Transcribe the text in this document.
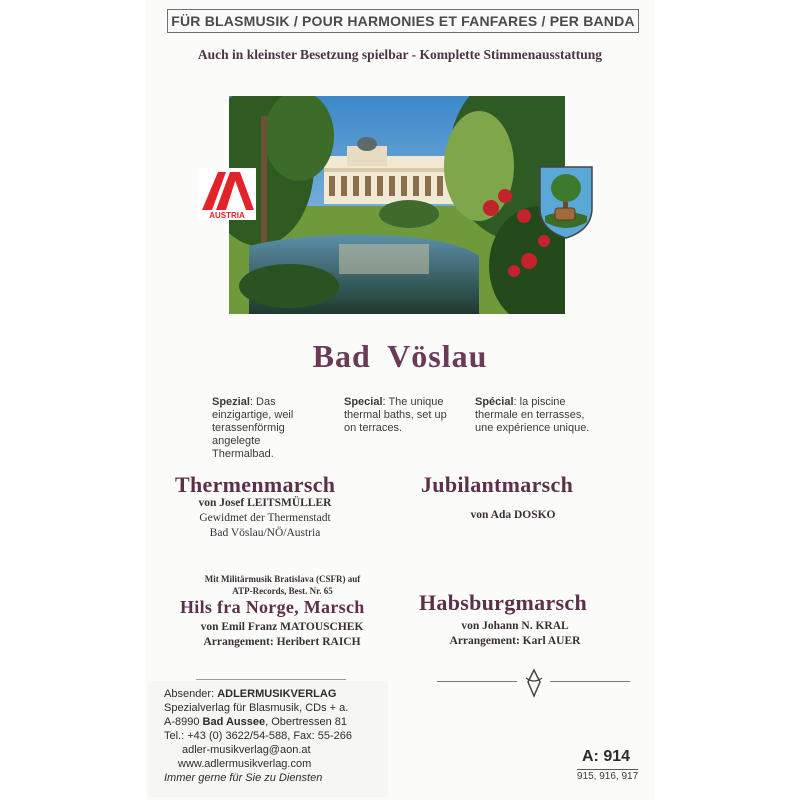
FÜR BLASMUSIK / POUR HARMONIES ET FANFARES / PER BANDA
Auch in kleinster Besetzung spielbar - Komplette Stimmenausstattung
AUSTRIA
Bad Vöslau
Spezial: Das einzigartige, weil terassenförmig angelegte Thermalbad.
Special: The unique thermal baths, set up on terraces.
Spécial: la piscine thermale en terrasses, une expérience unique.
Thermenmarsch
von Josef LEITSMÜLLER
Gewidmet der Thermenstadt
Bad Vöslau/NÖ/Austria
Jubilantmarsch
von Ada DOSKO
Mit Militärmusik Bratislava (CSFR) auf
ATP-Records, Best. Nr. 65
Hils fra Norge, Marsch
von Emil Franz MATOUSCHEK
Arrangement: Heribert RAICH
Habsburgmarsch
von Johann N. KRAL
Arrangement: Karl AUER
Absender: ADLERMUSIKVERLAG
Spezialverlag für Blasmusik, CDs + a.
A-8990 Bad Aussee, Obertressen 81
Tel.: +43 (0) 3622/54-588, Fax: 55-266
adler-musikverlag@aon.at
www.adlermusikverlag.com
Immer gerne für Sie zu Diensten
A: 914
915, 916, 917
